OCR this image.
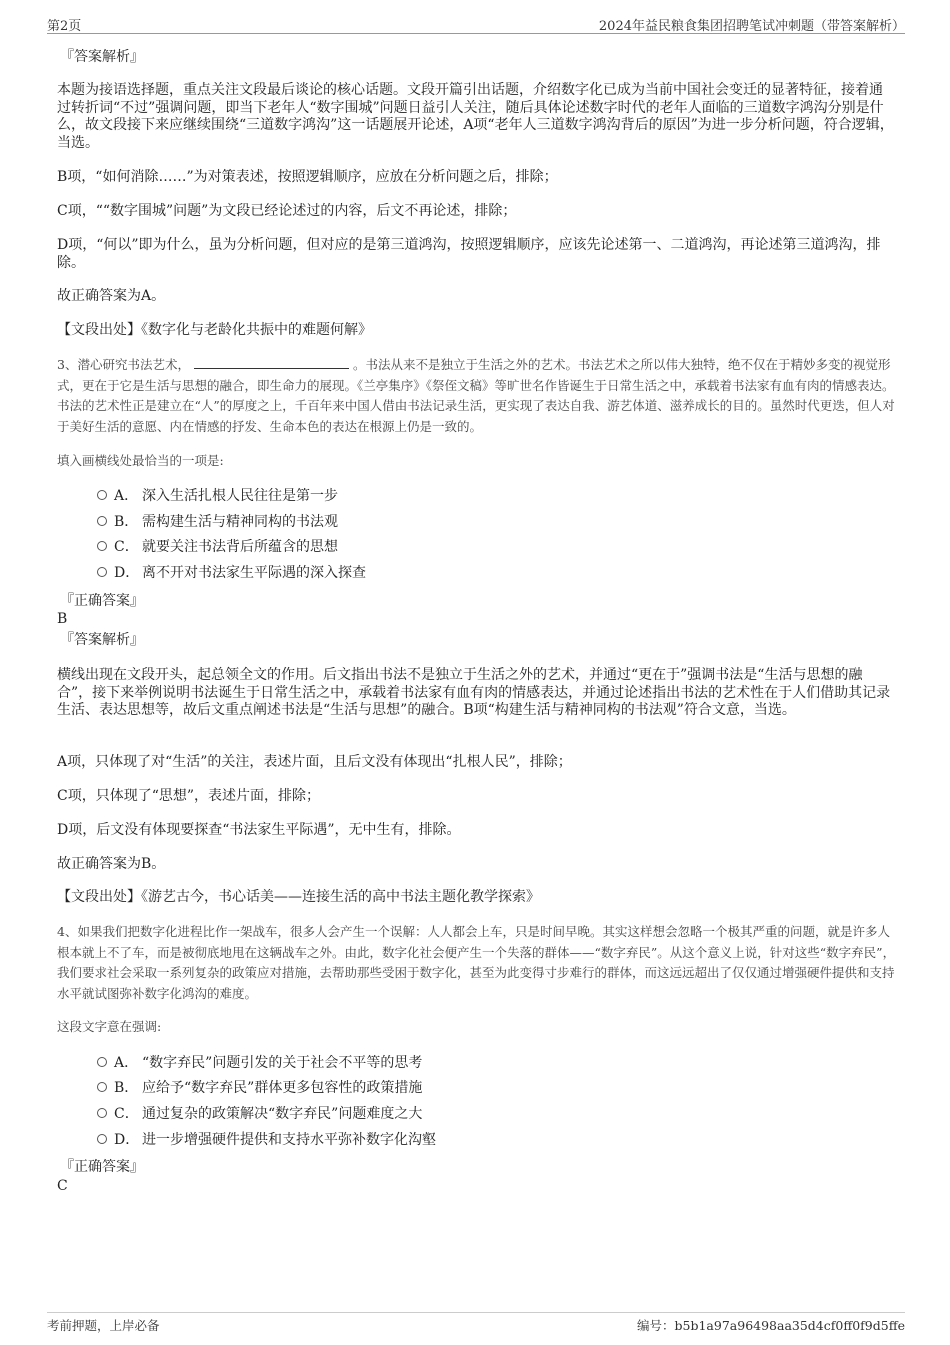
第2页	2024年益民粮食集团招聘笔试冲刺题（带答案解析）

『答案解析』

本题为接语选择题，重点关注文段最后谈论的核心话题。文段开篇引出话题，介绍数字化已成为当前中国社会变迁的显著特征，接着通过转折词“不过”强调问题，即当下老年人“数字围城”问题日益引人关注，随后具体论述数字时代的老年人面临的三道数字鸿沟分别是什么，故文段接下来应继续围绕“三道数字鸿沟”这一话题展开论述，A项“老年人三道数字鸿沟背后的原因”为进一步分析问题，符合逻辑，当选。

B项，“如何消除……”为对策表述，按照逻辑顺序，应放在分析问题之后，排除；

C项，““数字围城”问题”为文段已经论述过的内容，后文不再论述，排除；

D项，“何以”即为什么，虽为分析问题，但对应的是第三道鸿沟，按照逻辑顺序，应该先论述第一、二道鸿沟，再论述第三道鸿沟，排除。

故正确答案为A。

【文段出处】《数字化与老龄化共振中的难题何解》

3、潜心研究书法艺术，	。书法从来不是独立于生活之外的艺术。书法艺术之所以伟大独特，绝不仅在于精妙多变的视觉形式，更在于它是生活与思想的融合，即生命力的展现。《兰亭集序》《祭侄文稿》等旷世名作皆诞生于日常生活之中，承载着书法家有血有肉的情感表达。书法的艺术性正是建立在“人”的厚度之上，千百年来中国人借由书法记录生活，更实现了表达自我、游艺体道、滋养成长的目的。虽然时代更迭，但人对于美好生活的意愿、内在情感的抒发、生命本色的表达在根源上仍是一致的。

填入画横线处最恰当的一项是:

A． 深入生活扎根人民往往是第一步
B． 需构建生活与精神同构的书法观
C． 就要关注书法背后所蕴含的思想
D． 离不开对书法家生平际遇的深入探查

『正确答案』

B

『答案解析』

横线出现在文段开头，起总领全文的作用。后文指出书法不是独立于生活之外的艺术，并通过“更在于”强调书法是“生活与思想的融合”，接下来举例说明书法诞生于日常生活之中，承载着书法家有血有肉的情感表达，并通过论述指出书法的艺术性在于人们借助其记录生活、表达思想等，故后文重点阐述书法是“生活与思想”的融合。B项“构建生活与精神同构的书法观”符合文意，当选。

A项，只体现了对“生活”的关注，表述片面，且后文没有体现出“扎根人民”，排除；

C项，只体现了“思想”，表述片面，排除；

D项，后文没有体现要探查“书法家生平际遇”，无中生有，排除。

故正确答案为B。

【文段出处】《游艺古今，书心话美——连接生活的高中书法主题化教学探索》

4、如果我们把数字化进程比作一架战车，很多人会产生一个误解：人人都会上车，只是时间早晚。其实这样想会忽略一个极其严重的问题，就是许多人根本就上不了车，而是被彻底地甩在这辆战车之外。由此，数字化社会便产生一个失落的群体——“数字弃民”。从这个意义上说，针对这些“数字弃民”，我们要求社会采取一系列复杂的政策应对措施，去帮助那些受困于数字化，甚至为此变得寸步难行的群体，而这远远超出了仅仅通过增强硬件提供和支持水平就试图弥补数字化鸿沟的难度。

这段文字意在强调:

A． “数字弃民”问题引发的关于社会不平等的思考
B． 应给予“数字弃民”群体更多包容性的政策措施
C． 通过复杂的政策解决“数字弃民”问题难度之大
D． 进一步增强硬件提供和支持水平弥补数字化沟壑

『正确答案』

C

考前押题，上岸必备	编号：b5b1a97a96498aa35d4cf0ff0f9d5ffe
